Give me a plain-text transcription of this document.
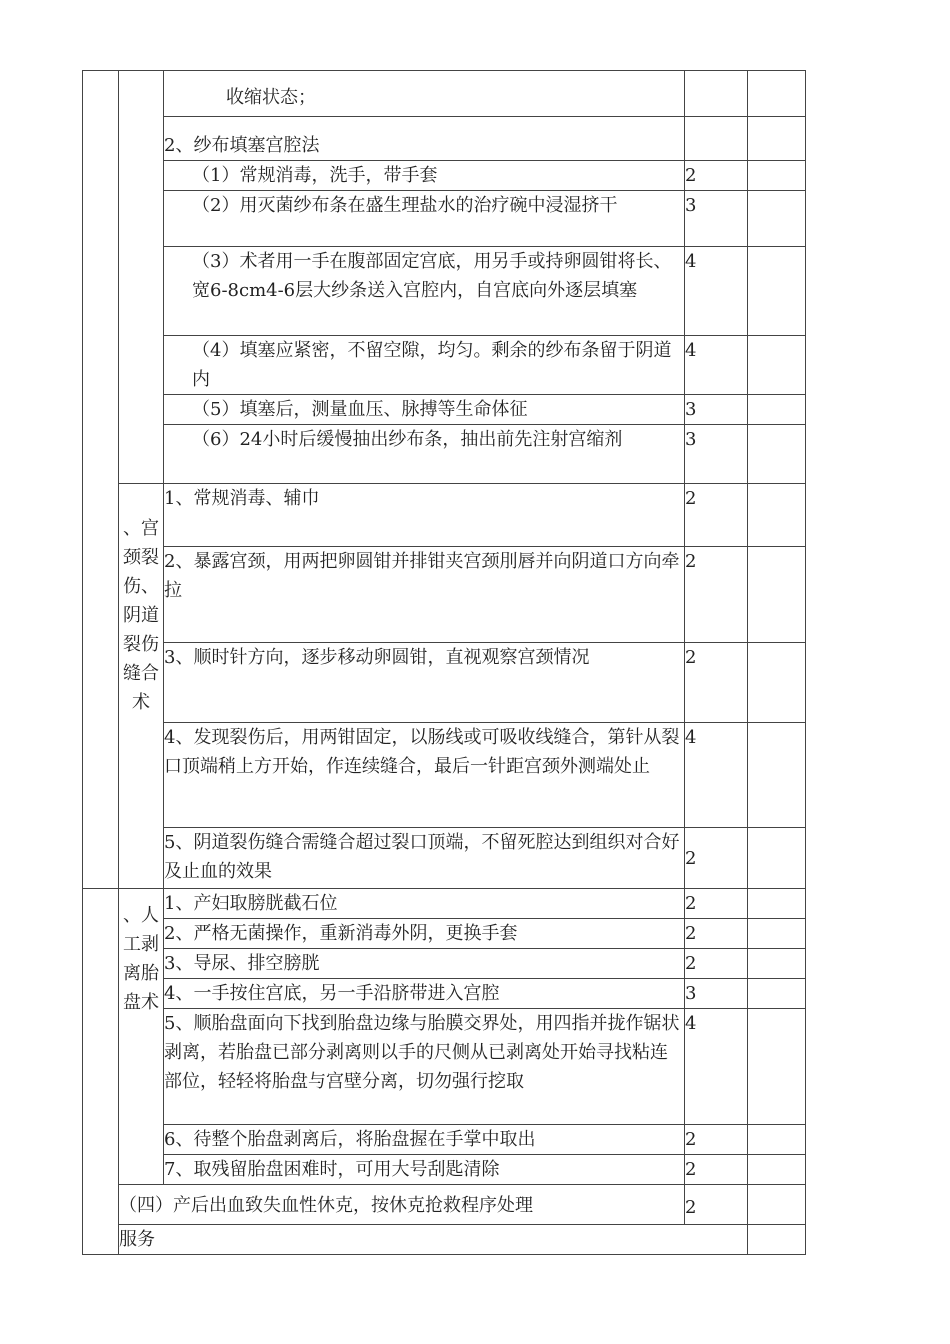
		收缩状态；			
		2、纱布填塞宫腔法			
		（1）常规消毒，洗手，带手套	2		
		（2）用灭菌纱布条在盛生理盐水的治疗碗中浸湿挤干	3		
		（3）术者用一手在腹部固定宫底，用另手或持卵圆钳将长、宽6-8cm4-6层大纱条送入宫腔内，自宫底向外逐层填塞	4		
		（4）填塞应紧密，不留空隙，均匀。剩余的纱布条留于阴道内	4		
		（5）填塞后，测量血压、脉搏等生命体征	3		
		（6）24小时后缓慢抽出纱布条，抽出前先注射宫缩剂	3		
	、宫颈裂伤、阴道裂伤缝合术	1、常规消毒、辅巾	2		
		2、暴露宫颈，用两把卵圆钳并排钳夹宫颈刖唇并向阴道口方向牵拉	2		
		3、顺时针方向，逐步移动卵圆钳，直视观察宫颈情况	2		
		4、发现裂伤后，用两钳固定，以肠线或可吸收线缝合，第针从裂口顶端稍上方开始，作连续缝合，最后一针距宫颈外测端处止	4		
		5、阴道裂伤缝合需缝合超过裂口顶端，不留死腔达到组织对合好及止血的效果	2		
	、人工剥离胎盘术	1、产妇取膀胱截石位	2		
		2、严格无菌操作，重新消毒外阴，更换手套	2		
		3、导尿、排空膀胱	2		
		4、一手按住宫底，另一手沿脐带进入宫腔	3		
		5、顺胎盘面向下找到胎盘边缘与胎膜交界处，用四指并拢作锯状剥离，若胎盘已部分剥离则以手的尺侧从已剥离处开始寻找粘连部位，轻轻将胎盘与宫壁分离，切勿强行挖取	4		
		6、待整个胎盘剥离后，将胎盘握在手掌中取出	2		
		7、取残留胎盘困难时，可用大号刮匙清除	2		
	（四）产后出血致失血性休克，按休克抢救程序处理		2		
	服务				
